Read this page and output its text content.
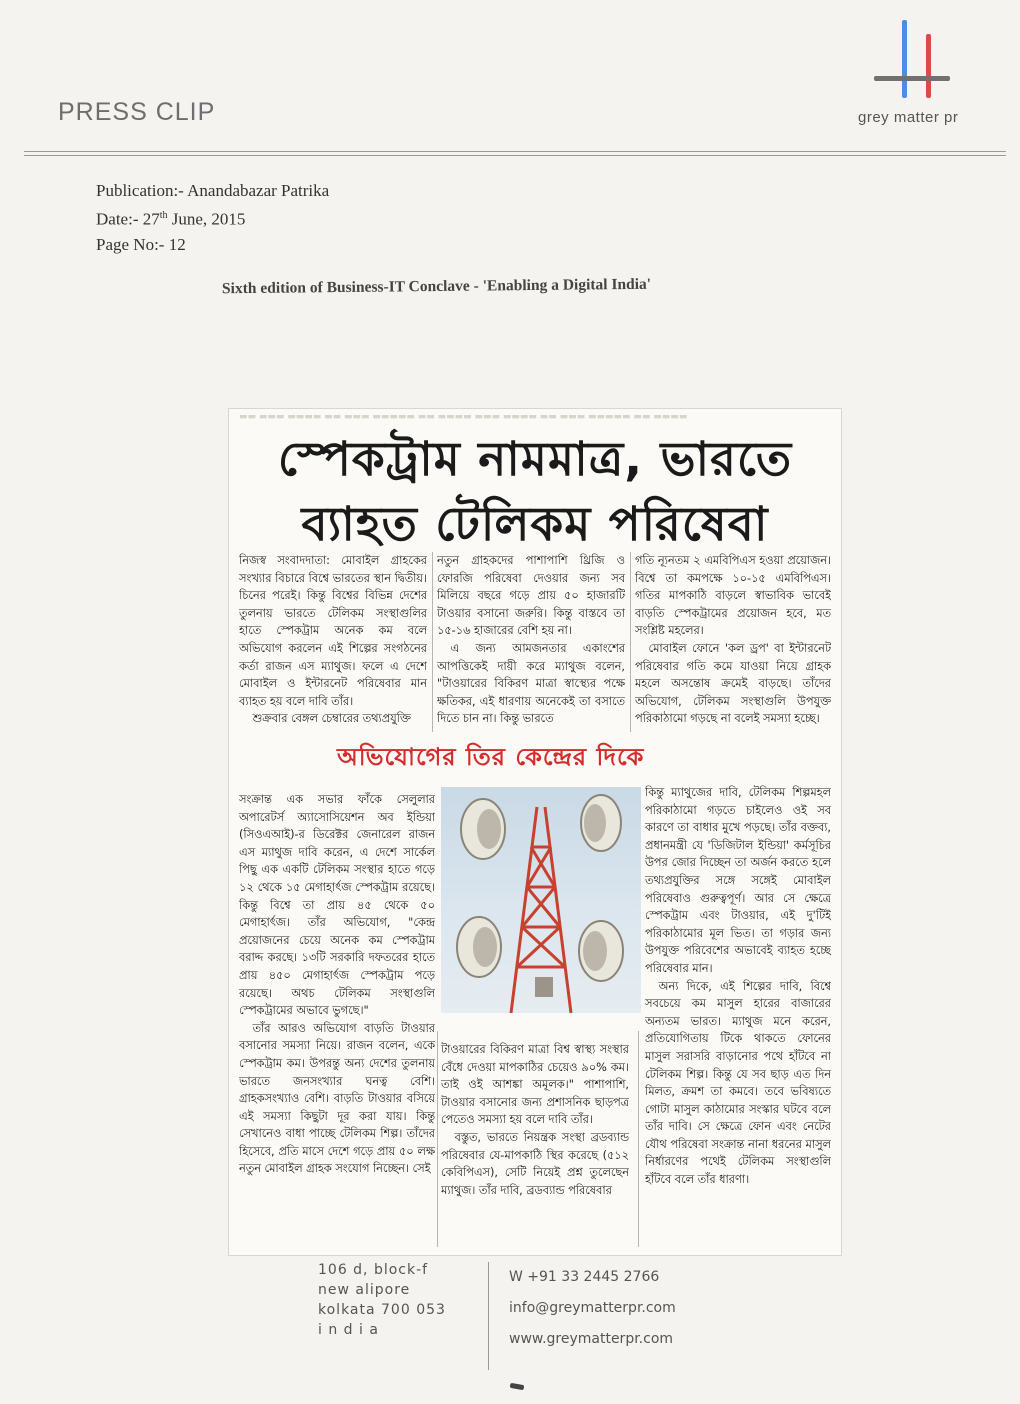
PRESS CLIP	grey matter pr
Publication:- Anandabazar Patrika
Date:- 27th June, 2015
Page No:- 12
Sixth edition of Business-IT Conclave - 'Enabling a Digital India'
▬▬ ▬▬▬ ▬▬▬▬ ▬▬ ▬▬▬ ▬▬▬▬▬ ▬▬ ▬▬▬▬ ▬▬▬ ▬▬▬▬ ▬▬ ▬▬▬ ▬▬▬▬▬ ▬▬ ▬▬▬▬
স্পেকট্রাম নামমাত্র, ভারতে
ব্যাহত টেলিকম পরিষেবা

নিজস্ব সংবাদদাতা: মোবাইল গ্রাহকের সংখ্যার বিচারে বিশ্বে ভারতের স্থান দ্বিতীয়। চিনের পরেই। কিন্তু বিশ্বের বিভিন্ন দেশের তুলনায় ভারতে টেলিকম সংস্থাগুলির হাতে স্পেকট্রাম অনেক কম বলে অভিযোগ করলেন এই শিল্পের সংগঠনের কর্তা রাজন এস ম্যাথুজ। ফলে এ দেশে মোবাইল ও ইন্টারনেট পরিষেবার মান ব্যাহত হয় বলে দাবি তাঁর।

শুক্রবার বেঙ্গল চেম্বারের তথ্যপ্রযুক্তি

নতুন গ্রাহকদের পাশাপাশি থ্রিজি ও ফোরজি পরিষেবা দেওয়ার জন্য সব মিলিয়ে বছরে গড়ে প্রায় ৫০ হাজারটি টাওয়ার বসানো জরুরি। কিন্তু বাস্তবে তা ১৫-১৬ হাজারের বেশি হয় না।

এ জন্য আমজনতার একাংশের আপত্তিকেই দায়ী করে ম্যাথুজ বলেন, "টাওয়ারের বিকিরণ মাত্রা স্বাস্থ্যের পক্ষে ক্ষতিকর, এই ধারণায় অনেকেই তা বসাতে দিতে চান না। কিন্তু ভারতে

গতি ন্যূনতম ২ এমবিপিএস হওয়া প্রয়োজন। বিশ্বে তা কমপক্ষে ১০-১৫ এমবিপিএস। গতির মাপকাঠি বাড়লে স্বাভাবিক ভাবেই বাড়তি স্পেকট্রামের প্রয়োজন হবে, মত সংশ্লিষ্ট মহলের।

মোবাইল ফোনে 'কল ড্রপ' বা ইন্টারনেট পরিষেবার গতি কমে যাওয়া নিয়ে গ্রাহক মহলে অসন্তোষ ক্রমেই বাড়ছে। তাঁদের অভিযোগ, টেলিকম সংস্থাগুলি উপযুক্ত পরিকাঠামো গড়ছে না বলেই সমস্যা হচ্ছে।

অভিযোগের তির কেন্দ্রের দিকে

সংক্রান্ত এক সভার ফাঁকে সেলুলার অপারেটর্স অ্যাসোসিয়েশন অব ইন্ডিয়া (সিওএআই)-র ডিরেক্টর জেনারেল রাজন এস ম্যাথুজ দাবি করেন, এ দেশে সার্কেল পিছু এক একটি টেলিকম সংস্থার হাতে গড়ে ১২ থেকে ১৫ মেগাহার্ৎজ স্পেকট্রাম রয়েছে। কিন্তু বিশ্বে তা প্রায় ৪৫ থেকে ৫০ মেগাহার্ৎজ। তাঁর অভিযোগ, "কেন্দ্র প্রয়োজনের চেয়ে অনেক কম স্পেকট্রাম বরাদ্দ করছে। ১৩টি সরকারি দফতরের হাতে প্রায় ৪৫০ মেগাহার্ৎজ স্পেকট্রাম পড়ে রয়েছে। অথচ টেলিকম সংস্থাগুলি স্পেকট্রামের অভাবে ভুগছে।"

তাঁর আরও অভিযোগ বাড়তি টাওয়ার বসানোর সমস্যা নিয়ে। রাজন বলেন, একে স্পেকট্রাম কম। উপরন্তু অন্য দেশের তুলনায় ভারতে জনসংখ্যার ঘনত্ব বেশি। গ্রাহকসংখ্যাও বেশি। বাড়তি টাওয়ার বসিয়ে এই সমস্যা কিছুটা দূর করা যায়। কিন্তু সেখানেও বাধা পাচ্ছে টেলিকম শিল্প। তাঁদের হিসেবে, প্রতি মাসে দেশে গড়ে প্রায় ৫০ লক্ষ নতুন মোবাইল গ্রাহক সংযোগ নিচ্ছেন। সেই

টাওয়ারের বিকিরণ মাত্রা বিশ্ব স্বাস্থ্য সংস্থার বেঁধে দেওয়া মাপকাঠির চেয়েও ৯০% কম। তাই ওই আশঙ্কা অমূলক।" পাশাপাশি, টাওয়ার বসানোর জন্য প্রশাসনিক ছাড়পত্র পেতেও সমস্যা হয় বলে দাবি তাঁর।

বস্তুত, ভারতে নিয়ন্ত্রক সংস্থা ব্রডব্যান্ড পরিষেবার যে-মাপকাঠি স্থির করেছে (৫১২ কেবিপিএস), সেটি নিয়েই প্রশ্ন তুলেছেন ম্যাথুজ। তাঁর দাবি, ব্রডব্যান্ড পরিষেবার

কিন্তু ম্যাথুজের দাবি, টেলিকম শিল্পমহল পরিকাঠামো গড়তে চাইলেও ওই সব কারণে তা বাধার মুখে পড়ছে। তাঁর বক্তব্য, প্রধানমন্ত্রী যে 'ডিজিটাল ইন্ডিয়া' কর্মসূচির উপর জোর দিচ্ছেন তা অর্জন করতে হলে তথ্যপ্রযুক্তির সঙ্গে সঙ্গেই মোবাইল পরিষেবাও গুরুত্বপূর্ণ। আর সে ক্ষেত্রে স্পেকট্রাম এবং টাওয়ার, এই দু'টিই পরিকাঠামোর মূল ভিত। তা গড়ার জন্য উপযুক্ত পরিবেশের অভাবেই ব্যাহত হচ্ছে পরিষেবার মান।

অন্য দিকে, এই শিল্পের দাবি, বিশ্বে সবচেয়ে কম মাসুল হারের বাজারের অন্যতম ভারত। ম্যাথুজ মনে করেন, প্রতিযোগিতায় টিকে থাকতে ফোনের মাসুল সরাসরি বাড়ানোর পথে হাঁটবে না টেলিকম শিল্প। কিন্তু যে সব ছাড় এত দিন মিলত, ক্রমশ তা কমবে। তবে ভবিষ্যতে গোটা মাসুল কাঠামোর সংস্কার ঘটবে বলে তাঁর দাবি। সে ক্ষেত্রে ফোন এবং নেটের যৌথ পরিষেবা সংক্রান্ত নানা ধরনের মাসুল নির্ধারণের পথেই টেলিকম সংস্থাগুলি হাঁটবে বলে তাঁর ধারণা।

106 d, block-f
new alipore
kolkata 700 053
i n d i a
W +91 33 2445 2766
info@greymatterpr.com
www.greymatterpr.com
